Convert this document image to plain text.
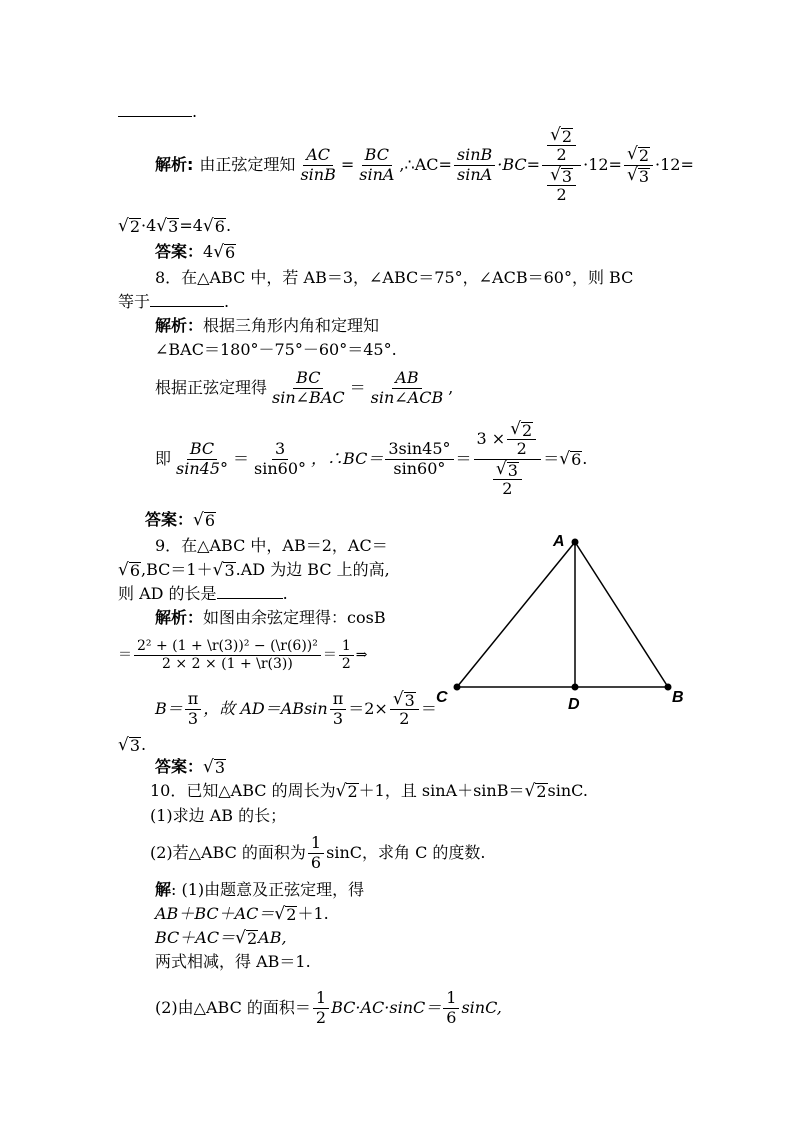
.
解析 : 由正弦定理知 $\frac{AC}{\sin B} = \frac{BC}{\sin A}$ ,∴AC= $\frac{\sin B}{\sin A} \cdot BC= \frac{\frac{√ 2}{2}}{\frac{√ 3}{2}} \cdot 12= \frac{√ 2}{√ 3} \cdot 12=$
√ 2 ·4 √ 3 =4 √ 6 .
答案：4 √ 6
8．在△ABC 中，若 AB＝3，∠ABC＝75°，∠ACB＝60°，则 BC
等于	.
解析：根据三角形内角和定理知
∠BAC＝180°－75°－60°＝45°.
根据正弦定理得 $\frac{BC}{\text{sin∠BAC}} = \frac{AB}{\text{sin∠ACB}}$ ,
即 $\frac{BC}{\sin 45^\circ} = \frac{3}{\sin 60^\circ}$ ，∴BC＝ $\frac{3\sin 45^\circ}{\sin 60^\circ} = \frac{3 \times \frac{√ 2}{2}}{\frac{√ 3}{2}}$ ＝ √ 6 .
答案： √ 6
9．在△ABC 中，AB＝2，AC＝
√ 6 ,BC＝1＋ √ 3 .AD 为边 BC 上的高,
则 AD 的长是	.
解析：如图由余弦定理得：cosB
＝ $\frac{\text{2² + (1 + \textbackslash{}r(3))² − (\textbackslash{}r(6))²}}{2 \times 2 \times (1 + \backslash r(3))} = \frac{1}{2}$ ⇒
$B= \frac{\pi}{3}$ ，故 $AD=ABsin \frac{\pi}{3} =2\times \frac{√ 3}{2}$ ＝
√ 3 .
答案： √ 3
A
C	D	B
10．已知△ABC 的周长为 √ 2 ＋1，且 sinA＋sinB＝ √ 2 sinC.
(1)求边 AB 的长；
(2)若△ABC 的面积为 $\frac{1}{6}$ sinC，求角 C 的度数.
解: (1)由题意及正弦定理，得
AB＋BC＋AC＝ √ 2 ＋1.
BC＋AC＝ √ 2 AB,
两式相减，得 AB＝1.
(2)由△ABC 的面积＝ $\frac{1}{2} BC\cdot AC\cdot\sin C= \frac{1}{6} \sin C$,
